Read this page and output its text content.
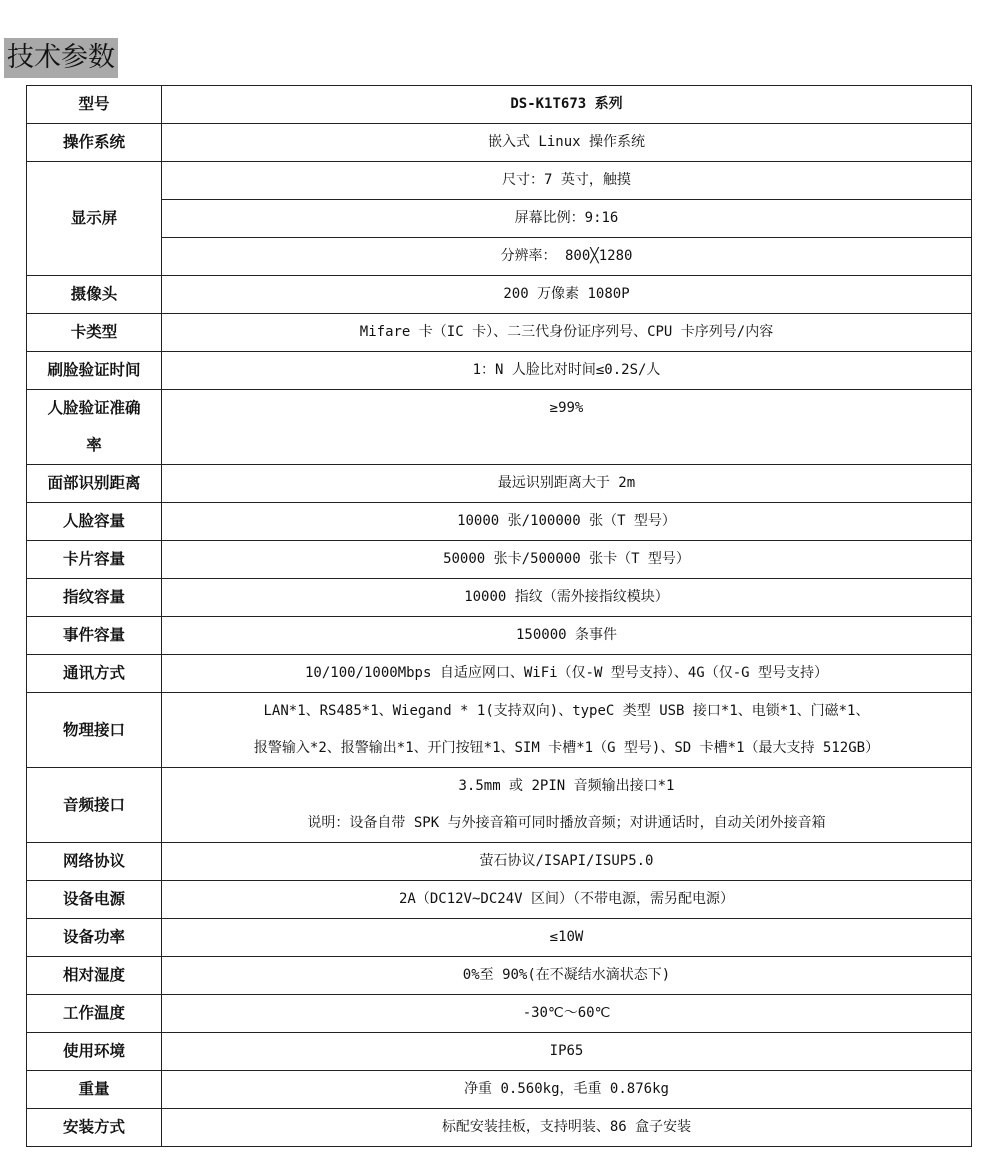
技术参数
型号	DS-K1T673 系列
操作系统	嵌入式 Linux 操作系统
显示屏	尺寸：7 英寸，触摸
	屏幕比例：9:16
	分辨率： 800╳1280
摄像头	200 万像素 1080P
卡类型	Mifare 卡（IC 卡）、二三代身份证序列号、CPU 卡序列号/内容
刷脸验证时间	1：N 人脸比对时间≤0.2S/人

人脸验证准确
率	≥99%
面部识别距离	最远识别距离大于 2m
人脸容量	10000 张/100000 张（T 型号）
卡片容量	50000 张卡/500000 张卡（T 型号）
指纹容量	10000 指纹（需外接指纹模块）
事件容量	150000 条事件
通讯方式	10/100/1000Mbps 自适应网口、WiFi（仅-W 型号支持）、4G（仅-G 型号支持）
物理接口	LAN*1、RS485*1、Wiegand * 1(支持双向)、typeC 类型 USB 接口*1、电锁*1、门磁*1、
报警输入*2、报警输出*1、开门按钮*1、SIM 卡槽*1（G 型号)、SD 卡槽*1（最大支持 512GB）

音频接口	3.5mm 或 2PIN 音频输出接口*1
说明：设备自带 SPK 与外接音箱可同时播放音频；对讲通话时，自动关闭外接音箱

网络协议	萤石协议/ISAPI/ISUP5.0
设备电源	2A（DC12V~DC24V 区间）（不带电源，需另配电源）
设备功率	≤10W
相对湿度	0%至 90%(在不凝结水滴状态下)
工作温度	-30℃～60℃
使用环境	IP65
重量	净重 0.560kg，毛重 0.876kg
安装方式	标配安装挂板，支持明装、86 盒子安装
